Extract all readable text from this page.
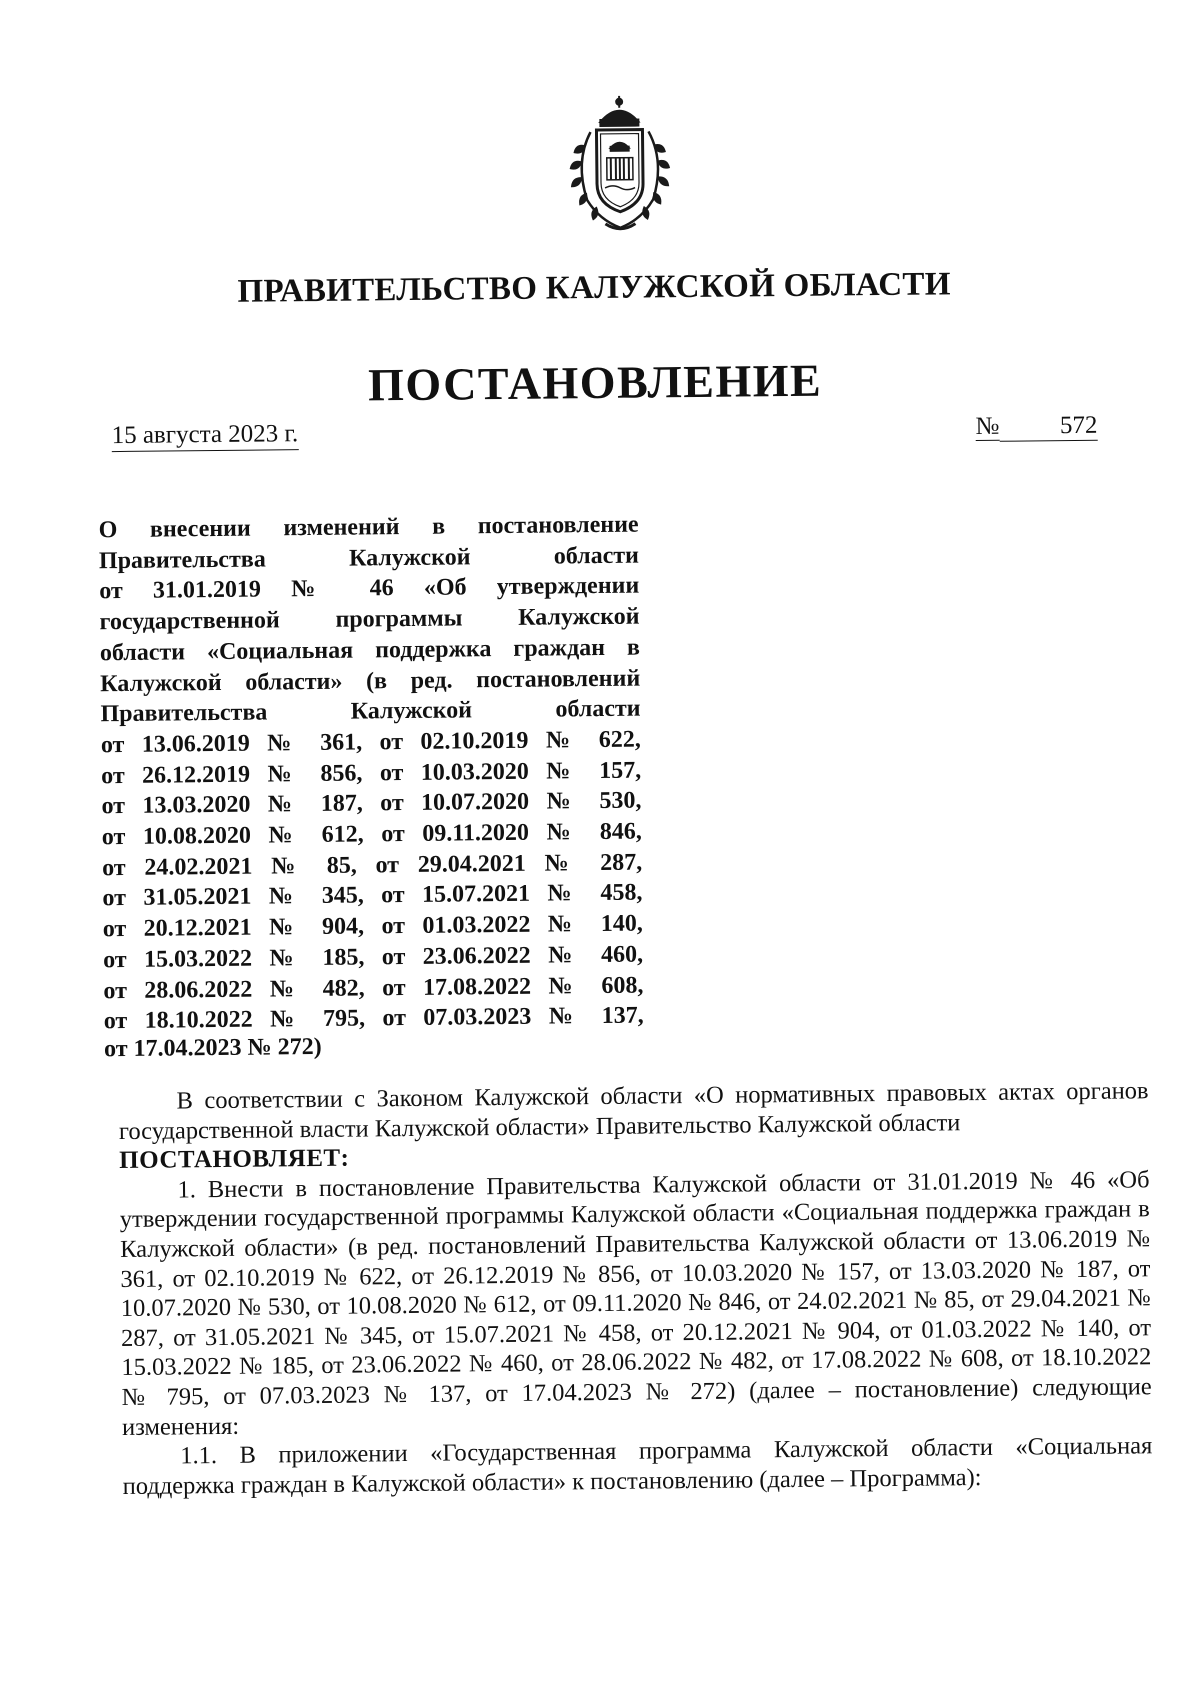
ПРАВИТЕЛЬСТВО КАЛУЖСКОЙ ОБЛАСТИ
ПОСТАНОВЛЕНИЕ
15 августа 2023 г.	№ 572
О внесении изменений в постановление
Правительства Калужской области
от 31.01.2019 № 46 «Об утверждении
государственной программы Калужской
области «Социальная поддержка граждан в
Калужской области» (в ред. постановлений
Правительства Калужской области
от 13.06.2019 № 361, от 02.10.2019 № 622,
от 26.12.2019 № 856, от 10.03.2020 № 157,
от 13.03.2020 № 187, от 10.07.2020 № 530,
от 10.08.2020 № 612, от 09.11.2020 № 846,
от 24.02.2021 № 85, от 29.04.2021 № 287,
от 31.05.2021 № 345, от 15.07.2021 № 458,
от 20.12.2021 № 904, от 01.03.2022 № 140,
от 15.03.2022 № 185, от 23.06.2022 № 460,
от 28.06.2022 № 482, от 17.08.2022 № 608,
от 18.10.2022 № 795, от 07.03.2023 № 137,
от 17.04.2023 № 272)

В соответствии с Законом Калужской области «О нормативных правовых актах органов государственной власти Калужской области» Правительство Калужской области

ПОСТАНОВЛЯЕТ:

1. Внести в постановление Правительства Калужской области от 31.01.2019 № 46 «Об утверждении государственной программы Калужской области «Социальная поддержка граждан в Калужской области» (в ред. постановлений Правительства Калужской области от 13.06.2019 № 361, от 02.10.2019 № 622, от 26.12.2019 № 856, от 10.03.2020 № 157, от 13.03.2020 № 187, от 10.07.2020 № 530, от 10.08.2020 № 612, от 09.11.2020 № 846, от 24.02.2021 № 85, от 29.04.2021 № 287, от 31.05.2021 № 345, от 15.07.2021 № 458, от 20.12.2021 № 904, от 01.03.2022 № 140, от 15.03.2022 № 185, от 23.06.2022 № 460, от 28.06.2022 № 482, от 17.08.2022 № 608, от 18.10.2022 № 795, от 07.03.2023 № 137, от 17.04.2023 № 272) (далее – постановление) следующие изменения:

1.1. В приложении «Государственная программа Калужской области «Социальная поддержка граждан в Калужской области» к постановлению (далее – Программа):
